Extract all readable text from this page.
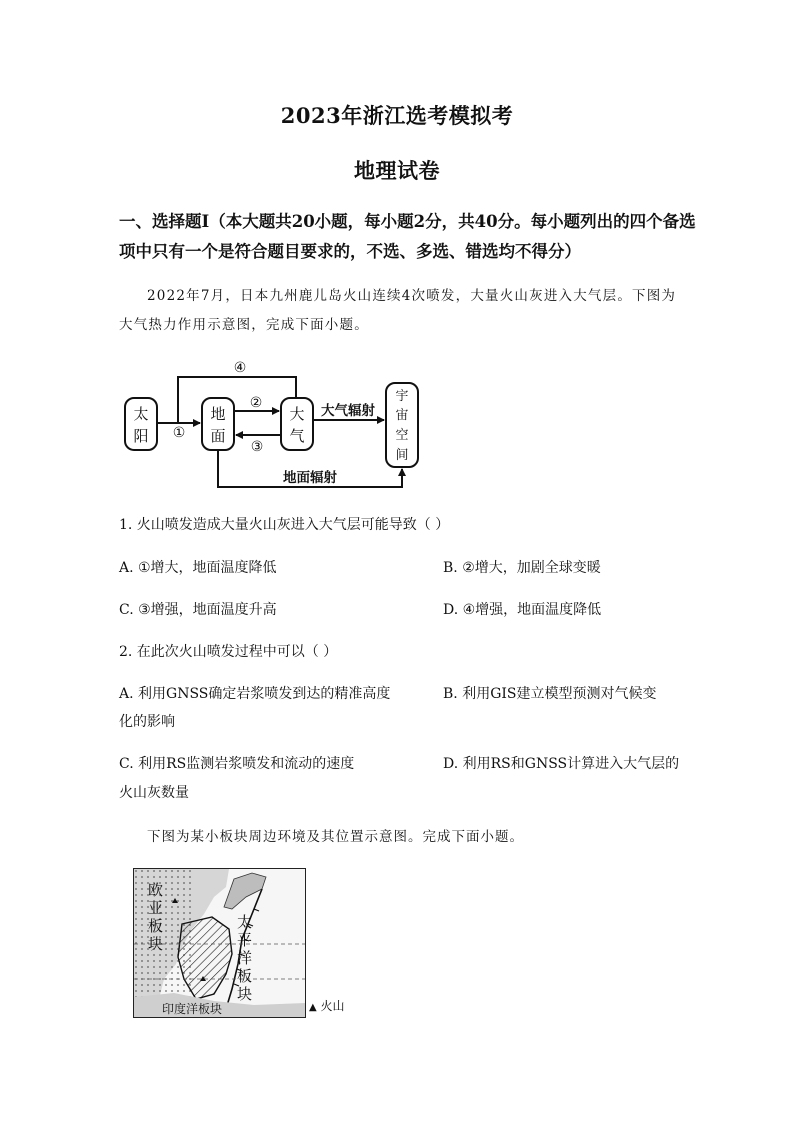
2023年浙江选考模拟考
地理试卷
一、选择题I（本大题共20小题，每小题2分，共40分。每小题列出的四个备选
项中只有一个是符合题目要求的，不选、多选、错选均不得分）
2022年7月，日本九州鹿儿岛火山连续4次喷发，大量火山灰进入大气层。下图为
大气热力作用示意图，完成下面小题。
太
阳
地
面
大
气
宇
宙
空
间
①
④
②
③
大气辐射
地面辐射
1. 火山喷发造成大量火山灰进入大气层可能导致（ ）
A. ①增大，地面温度降低	B. ②增大，加剧全球变暖
C. ③增强，地面温度升高	D. ④增强，地面温度降低
2. 在此次火山喷发过程中可以（ ）
A. 利用GNSS确定岩浆喷发到达的精准高度	B. 利用GIS建立模型预测对气候变
化的影响
C. 利用RS监测岩浆喷发和流动的速度	D. 利用RS和GNSS计算进入大气层的
火山灰数量
下图为某小板块周边环境及其位置示意图。完成下面小题。
欧
亚
板
块
太
平
洋
板
块
印度洋板块	▲ 火山
